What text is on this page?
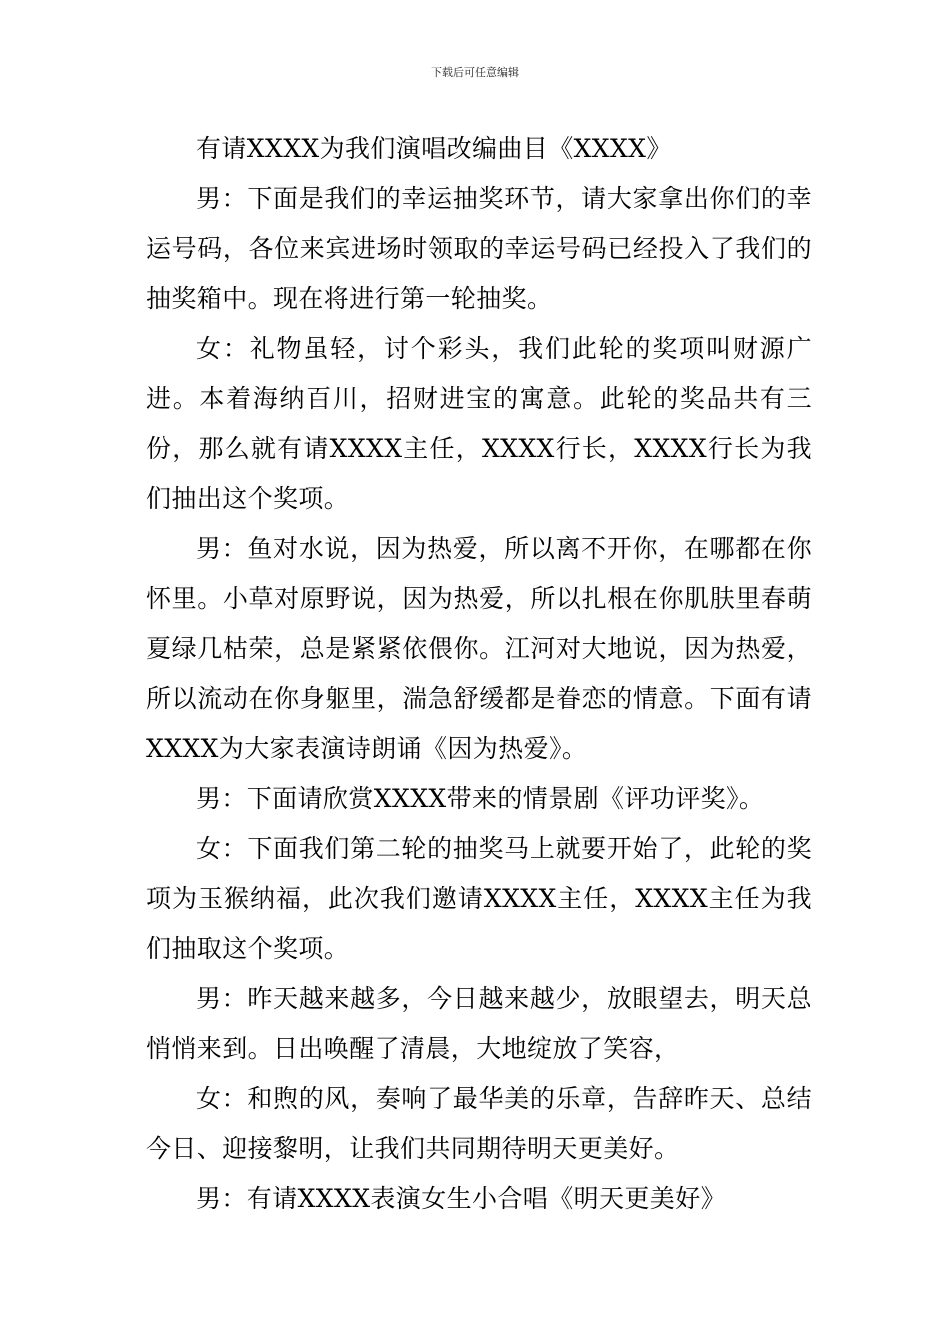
下载后可任意编辑

有请XXXX为我们演唱改编曲目《XXXX》

男：下面是我们的幸运抽奖环节，请大家拿出你们的幸运号码，各位来宾进场时领取的幸运号码已经投入了我们的抽奖箱中。现在将进行第一轮抽奖。

女：礼物虽轻，讨个彩头，我们此轮的奖项叫财源广进。本着海纳百川，招财进宝的寓意。此轮的奖品共有三份，那么就有请XXXX主任，XXXX行长，XXXX行长为我们抽出这个奖项。

男：鱼对水说，因为热爱，所以离不开你，在哪都在你怀里。小草对原野说，因为热爱，所以扎根在你肌肤里春萌夏绿几枯荣，总是紧紧依偎你。江河对大地说，因为热爱，所以流动在你身躯里，湍急舒缓都是眷恋的情意。下面有请XXXX为大家表演诗朗诵《因为热爱》。

男：下面请欣赏XXXX带来的情景剧《评功评奖》。

女：下面我们第二轮的抽奖马上就要开始了，此轮的奖项为玉猴纳福，此次我们邀请XXXX主任，XXXX主任为我们抽取这个奖项。

男：昨天越来越多，今日越来越少，放眼望去，明天总悄悄来到。日出唤醒了清晨，大地绽放了笑容，

女：和煦的风，奏响了最华美的乐章，告辞昨天、总结今日、迎接黎明，让我们共同期待明天更美好。

男：有请XXXX表演女生小合唱《明天更美好》
